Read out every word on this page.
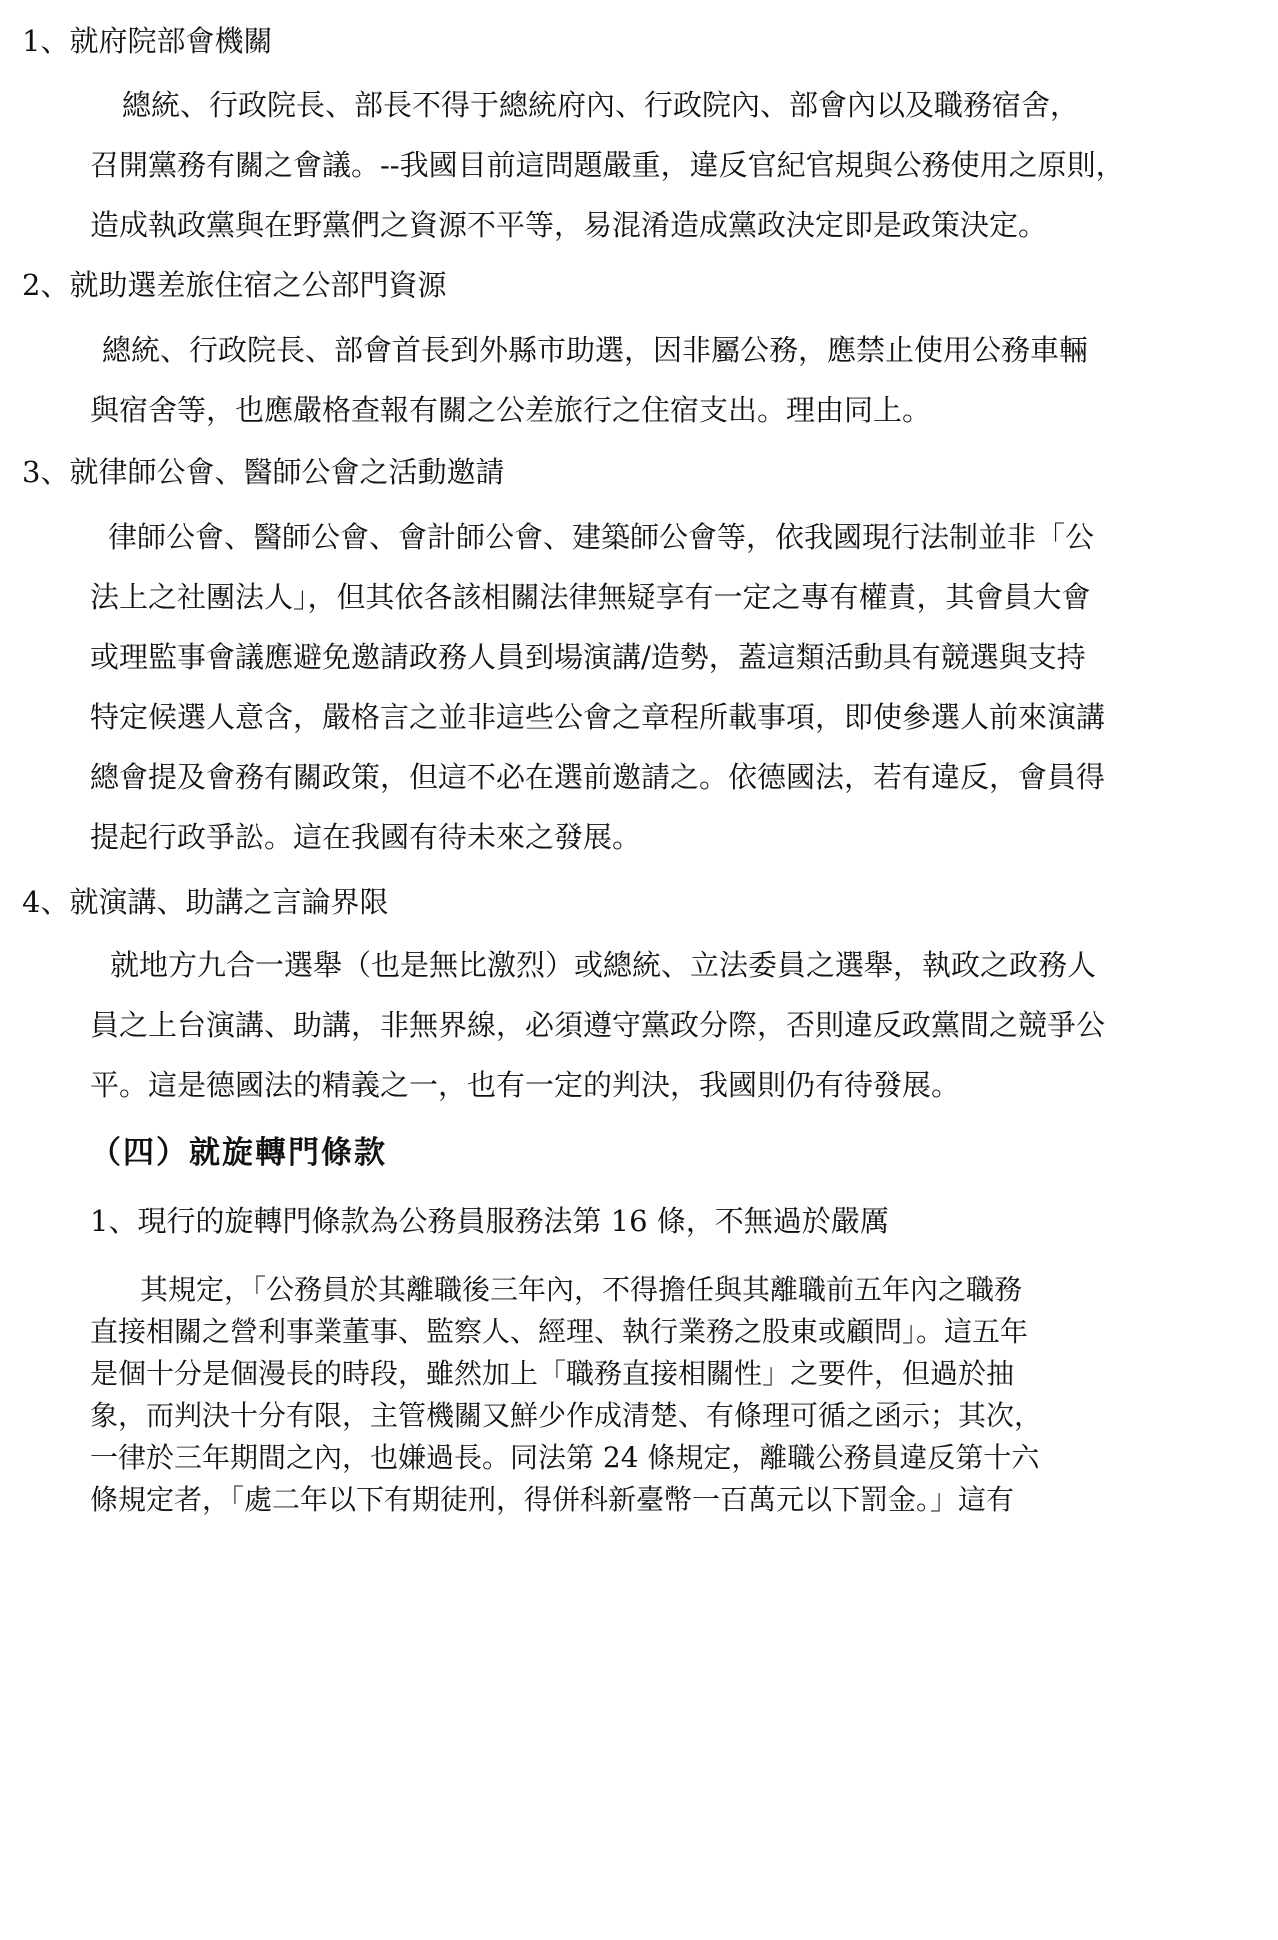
1、就府院部會機關
總統、行政院長、部長不得于總統府內、行政院內、部會內以及職務宿舍，
召開黨務有關之會議。--我國目前這問題嚴重，違反官紀官規與公務使用之原則，
造成執政黨與在野黨們之資源不平等，易混淆造成黨政決定即是政策決定。
2、就助選差旅住宿之公部門資源
總統、行政院長、部會首長到外縣市助選，因非屬公務，應禁止使用公務車輛
與宿舍等，也應嚴格查報有關之公差旅行之住宿支出。理由同上。
3、就律師公會、醫師公會之活動邀請
律師公會、醫師公會、會計師公會、建築師公會等，依我國現行法制並非「公
法上之社團法人」，但其依各該相關法律無疑享有一定之專有權責，其會員大會
或理監事會議應避免邀請政務人員到場演講/造勢，蓋這類活動具有競選與支持
特定候選人意含，嚴格言之並非這些公會之章程所載事項，即使參選人前來演講
總會提及會務有關政策，但這不必在選前邀請之。依德國法，若有違反，會員得
提起行政爭訟。這在我國有待未來之發展。
4、就演講、助講之言論界限
就地方九合一選舉（也是無比激烈）或總統、立法委員之選舉，執政之政務人
員之上台演講、助講，非無界線，必須遵守黨政分際，否則違反政黨間之競爭公
平。這是德國法的精義之一，也有一定的判決，我國則仍有待發展。
（四）就旋轉門條款
1、現行的旋轉門條款為公務員服務法第 16 條，不無過於嚴厲
其規定，「公務員於其離職後三年內，不得擔任與其離職前五年內之職務
直接相關之營利事業董事、監察人、經理、執行業務之股東或顧問」。這五年
是個十分是個漫長的時段，雖然加上「職務直接相關性」之要件，但過於抽
象，而判決十分有限，主管機關又鮮少作成清楚、有條理可循之函示；其次，
一律於三年期間之內，也嫌過長。同法第 24 條規定，離職公務員違反第十六
條規定者，「處二年以下有期徒刑，得併科新臺幣一百萬元以下罰金。」這有
